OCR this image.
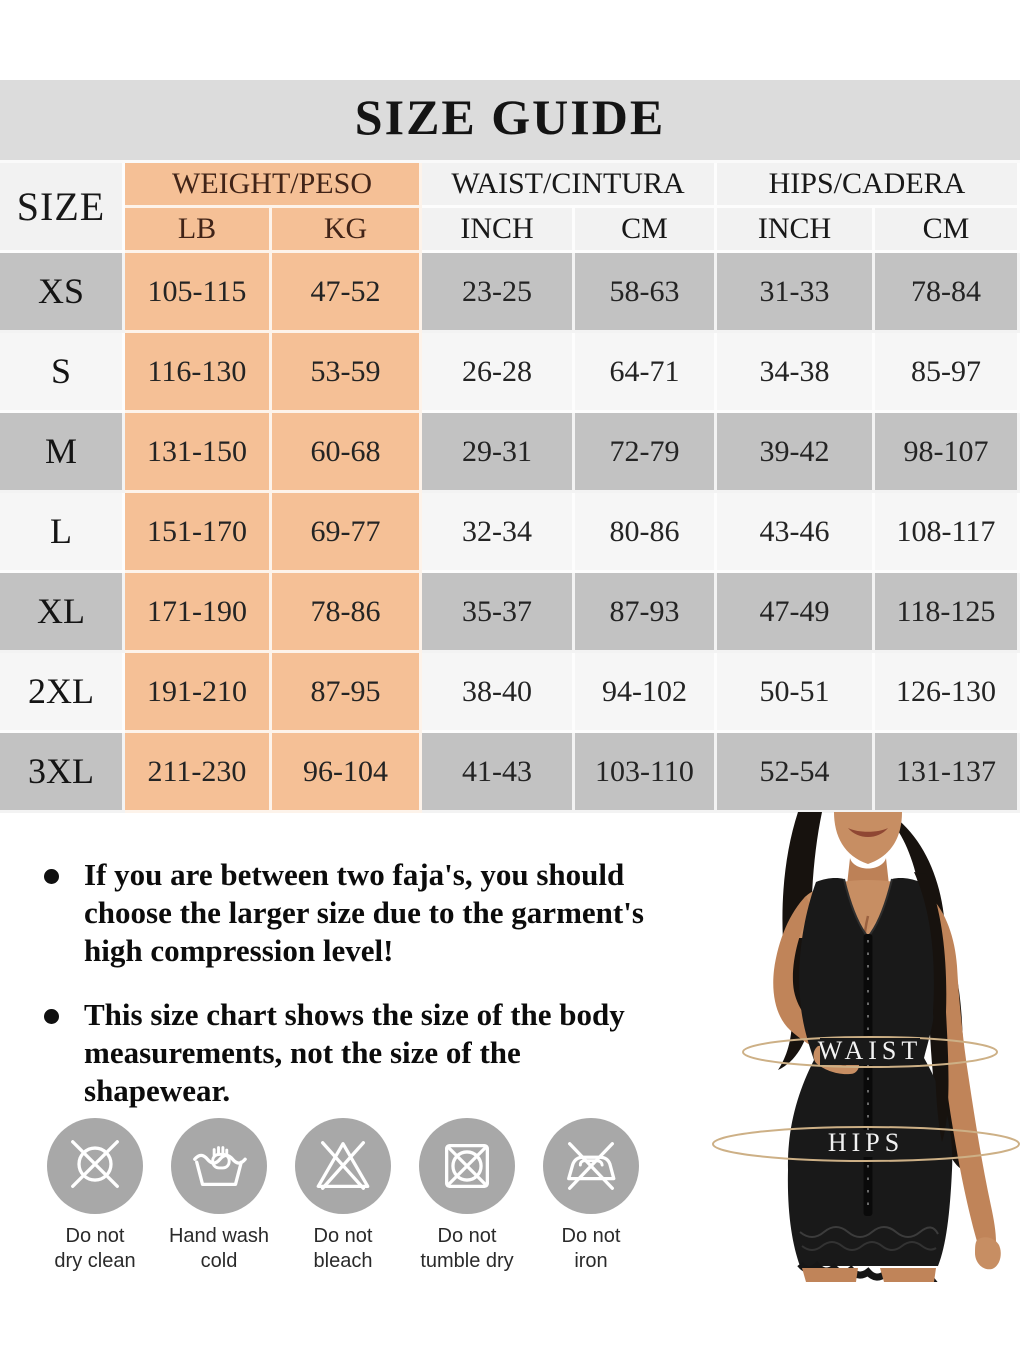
SIZE GUIDE
SIZE	WEIGHT/PESO	WAIST/CINTURA	HIPS/CADERA
LB	KG	INCH	CM	INCH	CM
XS	105-115	47-52	23-25	58-63	31-33	78-84
S	116-130	53-59	26-28	64-71	34-38	85-97
M	131-150	60-68	29-31	72-79	39-42	98-107
L	151-170	69-77	32-34	80-86	43-46	108-117
XL	171-190	78-86	35-37	87-93	47-49	118-125
2XL	191-210	87-95	38-40	94-102	50-51	126-130
3XL	211-230	96-104	41-43	103-110	52-54	131-137
If you are between two faja's, you should
choose the larger size due to the garment's
high compression level!
This size chart shows the size of the body
measurements, not the size of the
shapewear.
Do not
dry clean
Hand wash
cold
Do not
bleach
Do not
tumble dry
Do not
iron
WAIST
HIPS
